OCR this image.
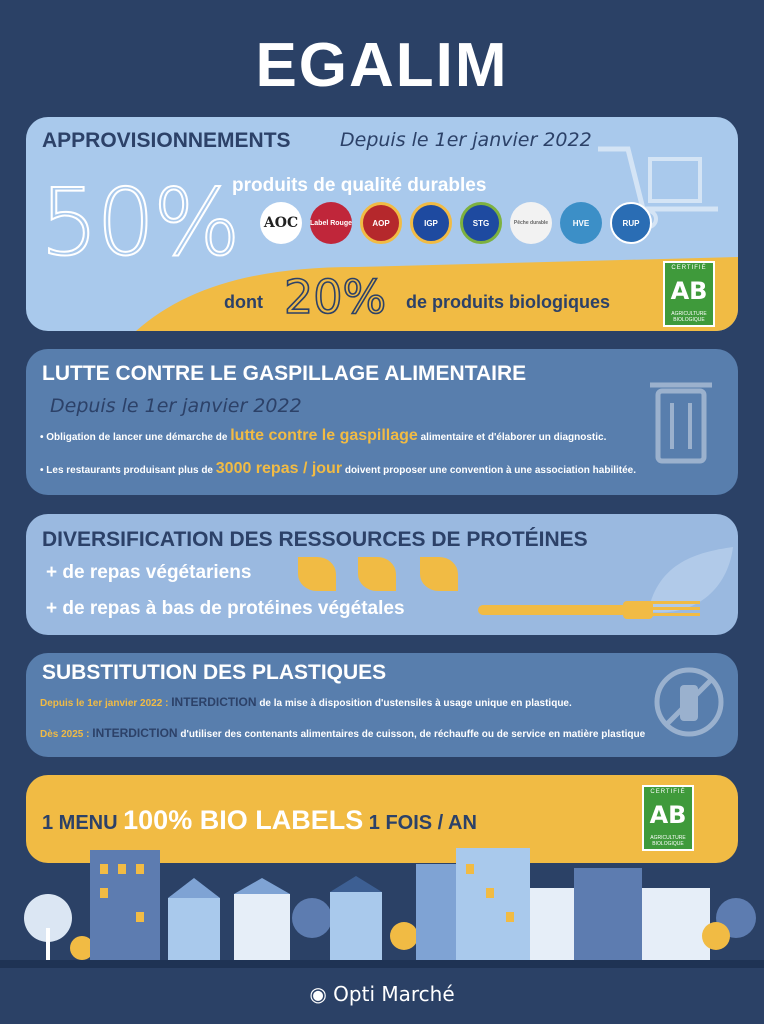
EGALIM
APPROVISIONNEMENTS	Depuis le 1er janvier 2022
50%
produits de qualité durables
AOC	Label Rouge	AOP	IGP	STG	Pêche durable	HVE	RUP
dont 20% de produits biologiques
CERTIFIÉ
AB
AGRICULTURE BIOLOGIQUE
LUTTE CONTRE LE GASPILLAGE ALIMENTAIRE
Depuis le 1er janvier 2022
• Obligation de lancer une démarche de lutte contre le gaspillage alimentaire et d'élaborer un diagnostic.
• Les restaurants produisant plus de 3000 repas / jour doivent proposer une convention à une association habilitée.
DIVERSIFICATION DES RESSOURCES DE PROTÉINES
+ de repas végétariens
+ de repas à bas de protéines végétales
SUBSTITUTION DES PLASTIQUES
Depuis le 1er janvier 2022 : INTERDICTION de la mise à disposition d'ustensiles à usage unique en plastique.
Dès 2025 : INTERDICTION d'utiliser des contenants alimentaires de cuisson, de réchauffe ou de service en matière plastique
1 MENU 100% BIO LABELS 1 FOIS / AN
CERTIFIÉ
AB
AGRICULTURE BIOLOGIQUE
◉ Opti Marché
